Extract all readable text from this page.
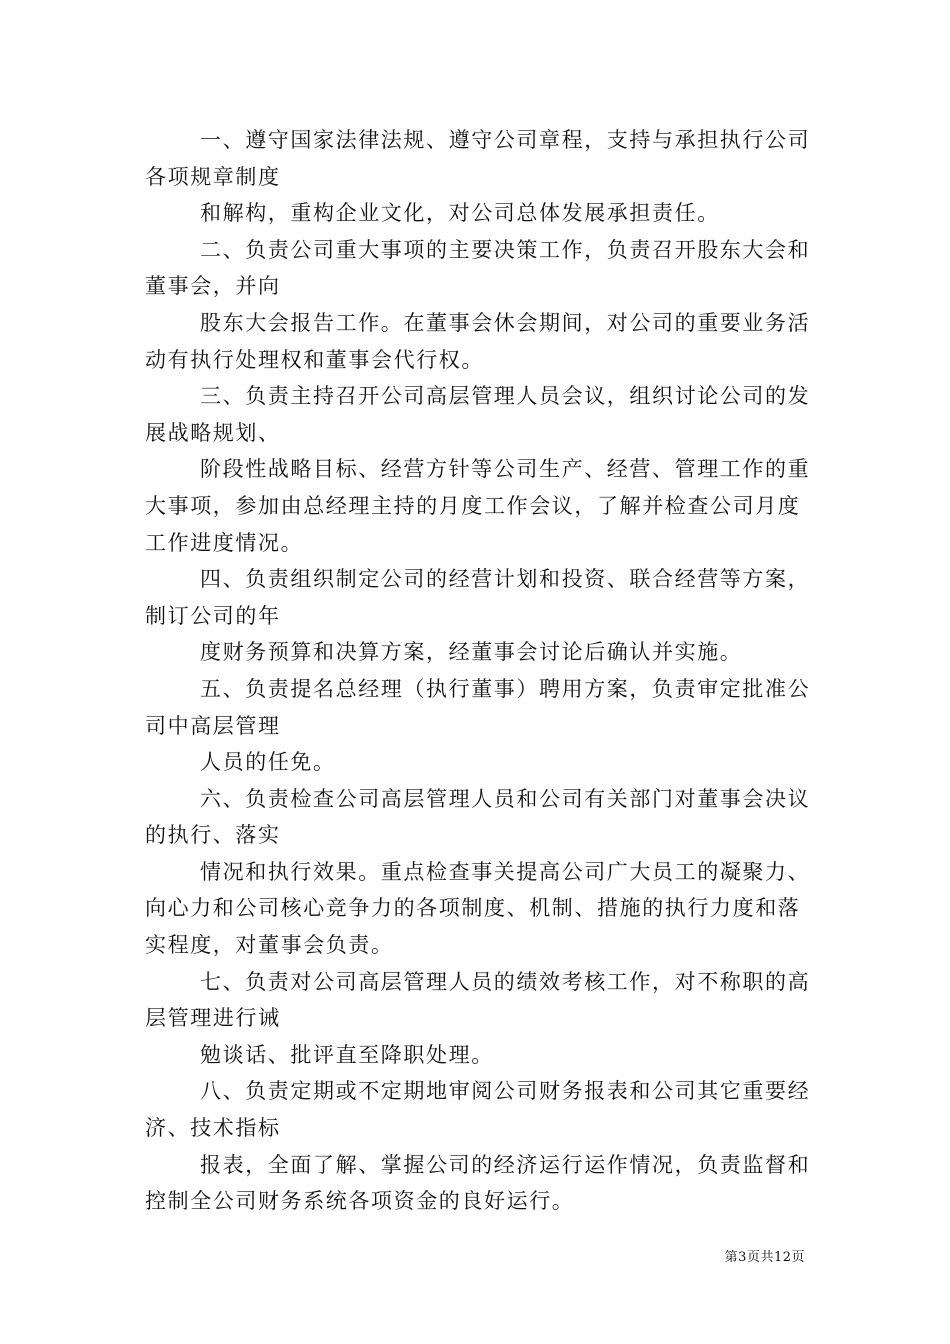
一、遵守国家法律法规、遵守公司章程，支持与承担执行公司
各项规章制度
和解构，重构企业文化，对公司总体发展承担责任。
二、负责公司重大事项的主要决策工作，负责召开股东大会和
董事会，并向
股东大会报告工作。在董事会休会期间，对公司的重要业务活
动有执行处理权和董事会代行权。
三、负责主持召开公司高层管理人员会议，组织讨论公司的发
展战略规划、
阶段性战略目标、经营方针等公司生产、经营、管理工作的重
大事项，参加由总经理主持的月度工作会议，了解并检查公司月度
工作进度情况。
四、负责组织制定公司的经营计划和投资、联合经营等方案，
制订公司的年
度财务预算和决算方案，经董事会讨论后确认并实施。
五、负责提名总经理（执行董事）聘用方案，负责审定批准公
司中高层管理
人员的任免。
六、负责检查公司高层管理人员和公司有关部门对董事会决议
的执行、落实
情况和执行效果。重点检查事关提高公司广大员工的凝聚力、
向心力和公司核心竞争力的各项制度、机制、措施的执行力度和落
实程度，对董事会负责。
七、负责对公司高层管理人员的绩效考核工作，对不称职的高
层管理进行诫
勉谈话、批评直至降职处理。
八、负责定期或不定期地审阅公司财务报表和公司其它重要经
济、技术指标
报表，全面了解、掌握公司的经济运行运作情况，负责监督和
控制全公司财务系统各项资金的良好运行。
第3页共12页
